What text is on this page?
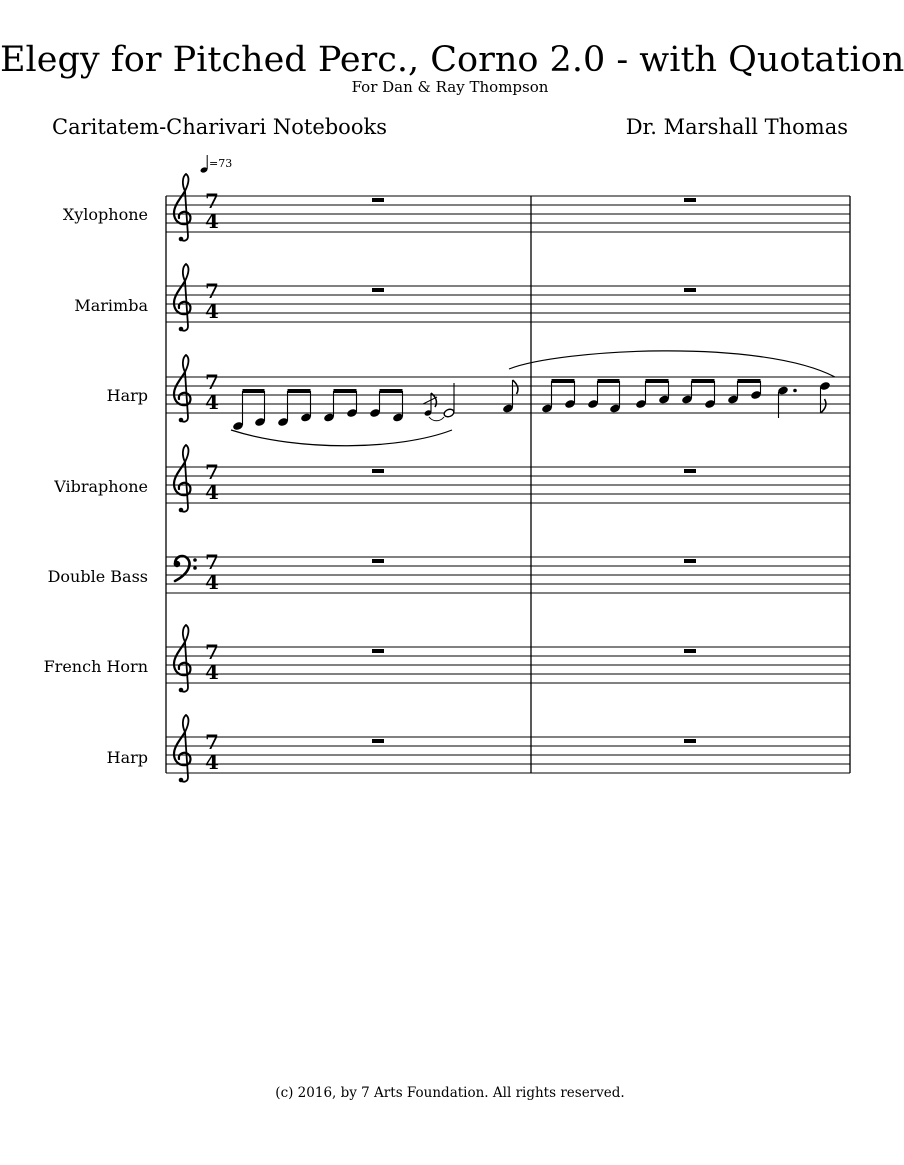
Elegy for Pitched Perc., Corno 2.0 - with Quotation
For Dan & Ray Thompson
Caritatem-Charivari Notebooks	Dr. Marshall Thomas
=73
Xylophone
Marimba
Harp
Vibraphone
Double Bass
French Horn
Harp
(c) 2016, by 7 Arts Foundation. All rights reserved.
